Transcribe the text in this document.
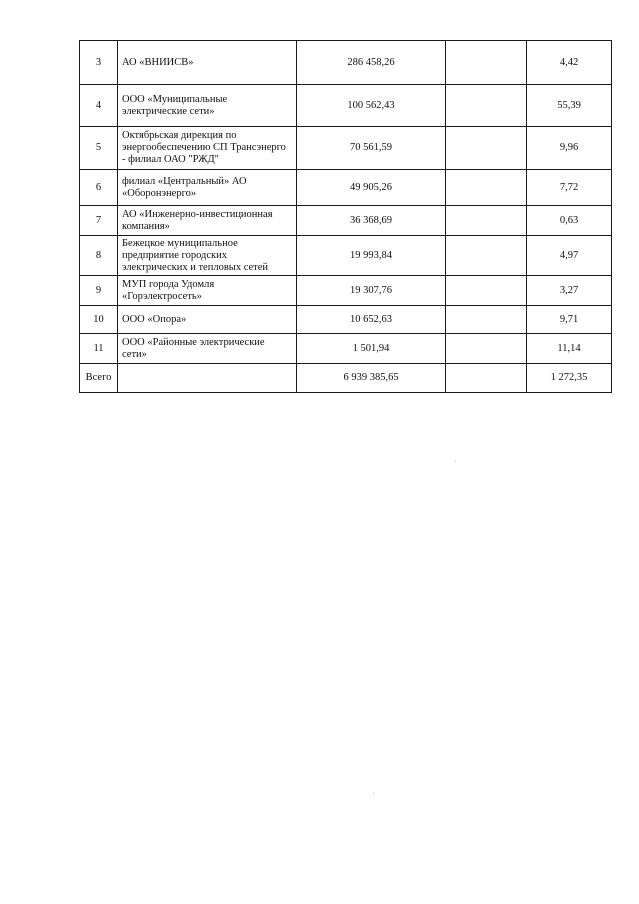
3	АО «ВНИИСВ»	286 458,26		4,42
4	ООО «Муниципальные электрические сети»	100 562,43		55,39
5	Октябрьская дирекция по энергообеспечению СП Трансэнерго - филиал ОАО "РЖД"	70 561,59		9,96
6	филиал «Центральный» АО «Оборонэнерго»	49 905,26		7,72
7	АО «Инженерно-инвестиционная компания»	36 368,69		0,63
8	Бежецкое муниципальное предприятие городских электрических и тепловых сетей	19 993,84		4,97
9	МУП города Удомля «Горэлектросеть»	19 307,76		3,27
10	ООО «Опора»	10 652,63		9,71
11	ООО «Районные электрические сети»	1 501,94		11,14
Всего		6 939 385,65		1 272,35
